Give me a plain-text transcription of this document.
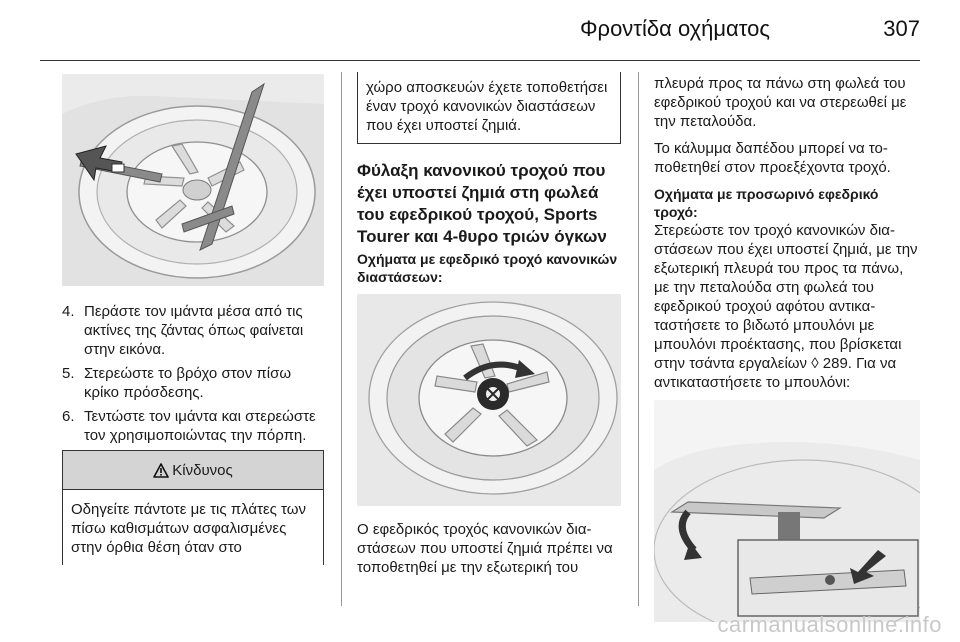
Φροντίδα οχήματος	307
4. Περάστε τον ιμάντα μέσα από τις ακτίνες της ζάντας όπως φαίνεται στην εικόνα.
5. Στερεώστε το βρόχο στον πίσω κρίκο πρόσδεσης.
6. Τεντώστε τον ιμάντα και στερεώστε τον χρησιμοποιώντας την πόρπη.
Κίνδυνος
Οδηγείτε πάντοτε με τις πλάτες των πίσω καθισμάτων ασφαλισμένες στην όρθια θέση όταν στο
χώρο αποσκευών έχετε τοποθετήσει έναν τροχό κανονικών διαστάσεων που έχει υποστεί ζημιά.
Φύλαξη κανονικού τροχού που έχει υποστεί ζημιά στη φωλεά του εφεδρικού τροχού, Sports Tourer και 4-θυρο τριών όγκων
Οχήματα με εφεδρικό τροχό κανονικών διαστάσεων:

Ο εφεδρικός τροχός κανονικών διαστάσεων που υποστεί ζημιά πρέπει να τοποθετηθεί με την εξωτερική του

πλευρά προς τα πάνω στη φωλεά του εφεδρικού τροχού και να στερεωθεί με την πεταλούδα.

Το κάλυμμα δαπέδου μπορεί να τοποθετηθεί στον προεξέχοντα τροχό.

Οχήματα με προσωρινό εφεδρικό τροχό:

Στερεώστε τον τροχό κανονικών διαστάσεων που έχει υποστεί ζημιά, με την εξωτερική πλευρά του προς τα πάνω, με την πεταλούδα στη φωλεά του εφεδρικού τροχού αφότου αντικαταστήσετε το βιδωτό μπουλόνι με μπουλόνι προέκτασης, που βρίσκεται στην τσάντα εργαλείων ◊ 289. Για να αντικαταστήσετε το μπουλόνι:

carmanualsonline.info
